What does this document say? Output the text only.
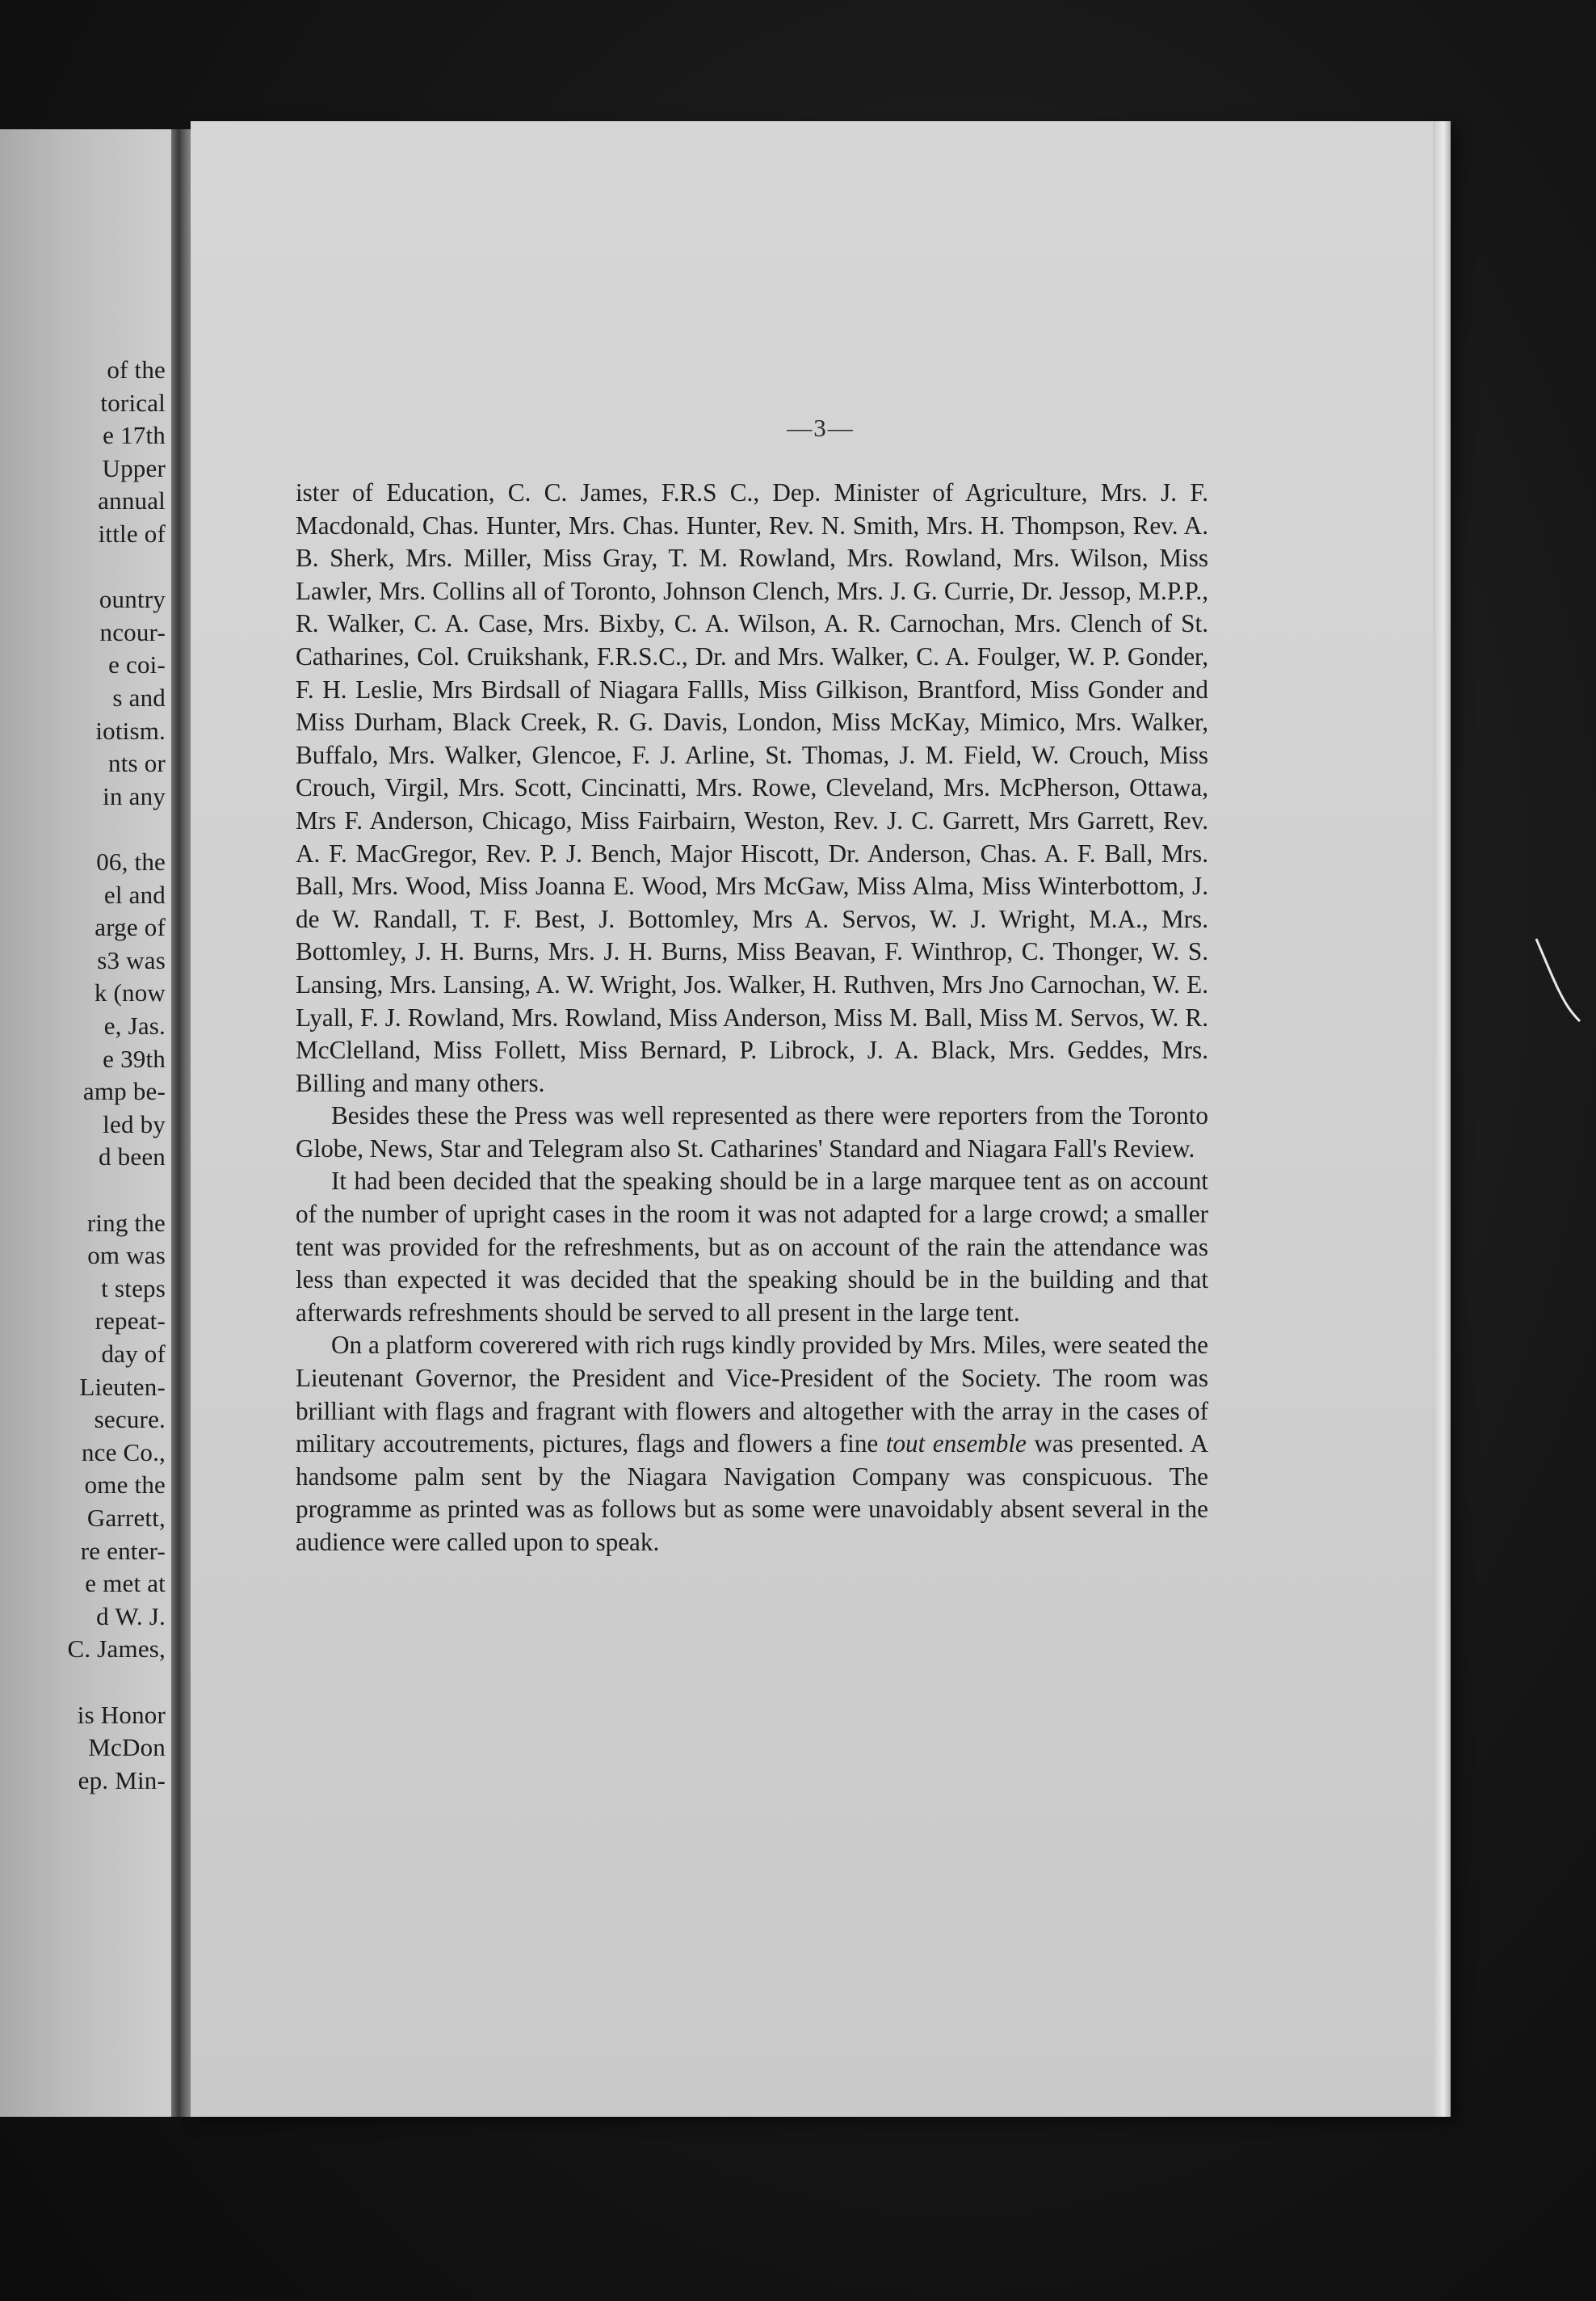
of the
torical
e 17th
Upper
annual
ittle of
ountry
ncour-
e coi-
s and
iotism.
nts or
in any
06, the
el and
arge of
s3 was
k (now
e, Jas.
e 39th
amp be-
led by
d been
ring the
om was
t steps
repeat-
day of
Lieuten-
secure.
nce Co.,
ome the
Garrett,
re enter-
e met at
d W. J.
C. James,
is Honor
McDon
ep. Min-
—3—

ister of Education, C. C. James, F.R.S C., Dep. Minister of Agriculture, Mrs. J. F. Macdonald, Chas. Hunter, Mrs. Chas. Hunter, Rev. N. Smith, Mrs. H. Thompson, Rev. A. B. Sherk, Mrs. Miller, Miss Gray, T. M. Rowland, Mrs. Rowland, Mrs. Wilson, Miss Lawler, Mrs. Collins all of Toronto, Johnson Clench, Mrs. J. G. Currie, Dr. Jessop, M.P.P., R. Walker, C. A. Case, Mrs. Bixby, C. A. Wilson, A. R. Carnochan, Mrs. Clench of St. Catharines, Col. Cruikshank, F.R.S.C., Dr. and Mrs. Walker, C. A. Foulger, W. P. Gonder, F. H. Leslie, Mrs Birdsall of Niagara Fallls, Miss Gilkison, Brantford, Miss Gonder and Miss Durham, Black Creek, R. G. Davis, London, Miss McKay, Mimico, Mrs. Walker, Buffalo, Mrs. Walker, Glencoe, F. J. Arline, St. Thomas, J. M. Field, W. Crouch, Miss Crouch, Virgil, Mrs. Scott, Cincinatti, Mrs. Rowe, Cleveland, Mrs. McPherson, Ottawa, Mrs F. Anderson, Chicago, Miss Fairbairn, Weston, Rev. J. C. Garrett, Mrs Garrett, Rev. A. F. MacGregor, Rev. P. J. Bench, Major Hiscott, Dr. Anderson, Chas. A. F. Ball, Mrs. Ball, Mrs. Wood, Miss Joanna E. Wood, Mrs McGaw, Miss Alma, Miss Winterbottom, J. de W. Randall, T. F. Best, J. Bottomley, Mrs A. Servos, W. J. Wright, M.A., Mrs. Bottomley, J. H. Burns, Mrs. J. H. Burns, Miss Beavan, F. Winthrop, C. Thonger, W. S. Lansing, Mrs. Lansing, A. W. Wright, Jos. Walker, H. Ruthven, Mrs Jno Carnochan, W. E. Lyall, F. J. Rowland, Mrs. Rowland, Miss Anderson, Miss M. Ball, Miss M. Servos, W. R. McClelland, Miss Follett, Miss Bernard, P. Librock, J. A. Black, Mrs. Geddes, Mrs. Billing and many others.

Besides these the Press was well represented as there were reporters from the Toronto Globe, News, Star and Telegram also St. Catharines' Standard and Niagara Fall's Review.

It had been decided that the speaking should be in a large marquee tent as on account of the number of upright cases in the room it was not adapted for a large crowd; a smaller tent was provided for the refreshments, but as on account of the rain the attendance was less than expected it was decided that the speaking should be in the building and that afterwards refreshments should be served to all present in the large tent.

On a platform coverered with rich rugs kindly provided by Mrs. Miles, were seated the Lieutenant Governor, the President and Vice-President of the Society. The room was brilliant with flags and fragrant with flowers and altogether with the array in the cases of military accoutrements, pictures, flags and flowers a fine tout ensemble was presented. A handsome palm sent by the Niagara Navigation Company was conspicuous. The programme as printed was as follows but as some were unavoidably absent several in the audience were called upon to speak.
